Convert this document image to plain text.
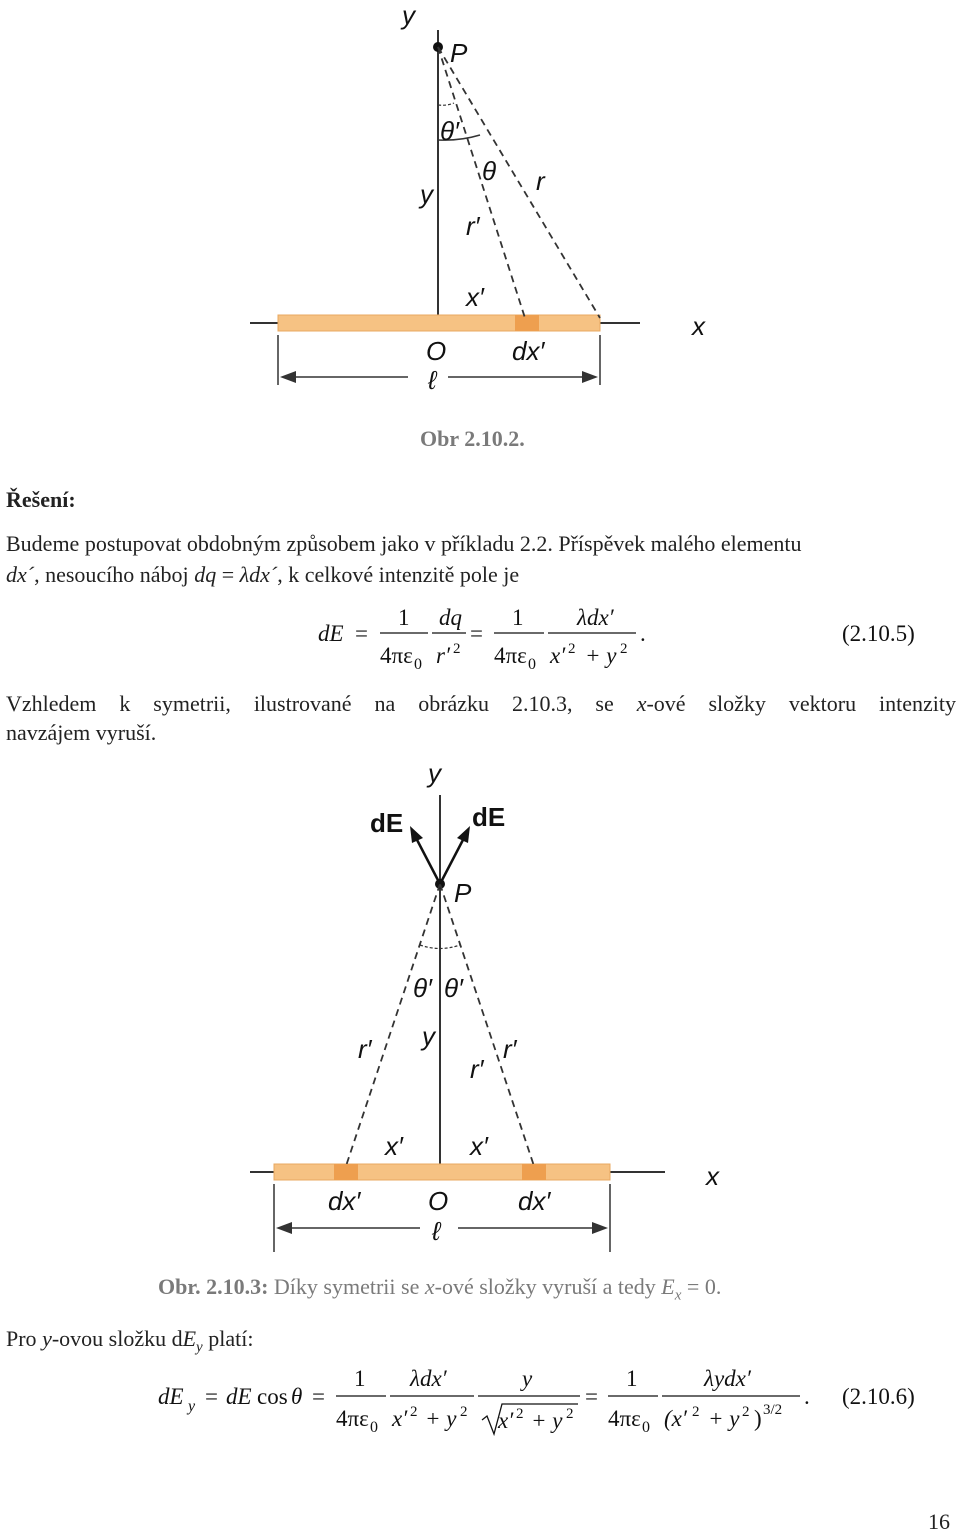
y
P
θ′
θ r
y
r′
x′
x
O	dx′
ℓ
Obr 2.10.2.
Řešení:
Budeme postupovat obdobným způsobem jako v příkladu 2.2. Příspěvek malého elementu
dx´, nesoucího náboj dq = λdx´, k celkové intenzitě pole je
dE =
1
4πε 0
dq
r′ 2
=
1
4πε 0
λdx′
x′ 2 + y 2
.	(2.10.5)
Vzhledem k symetrii, ilustrované na obrázku 2.10.3, se x-ové složky vektoru intenzity
navzájem vyruší.
y
dE	dE
P
θ′ θ′
y
r′
r′
r′
x′	x′
x
dx′	O	dx′
ℓ
Obr. 2.10.3: Díky symetrii se x-ové složky vyruší a tedy $E_x = 0$.
Pro y-ovou složku $dE_y$ platí:
dE y = dE cos θ =
1
4πε 0
λdx′
x′ 2 + y 2
y
x′ 2 + y 2
=
1
4πε 0
λydx′
(x′ 2 + y 2 ) 3/2
. (2.10.6)
16
